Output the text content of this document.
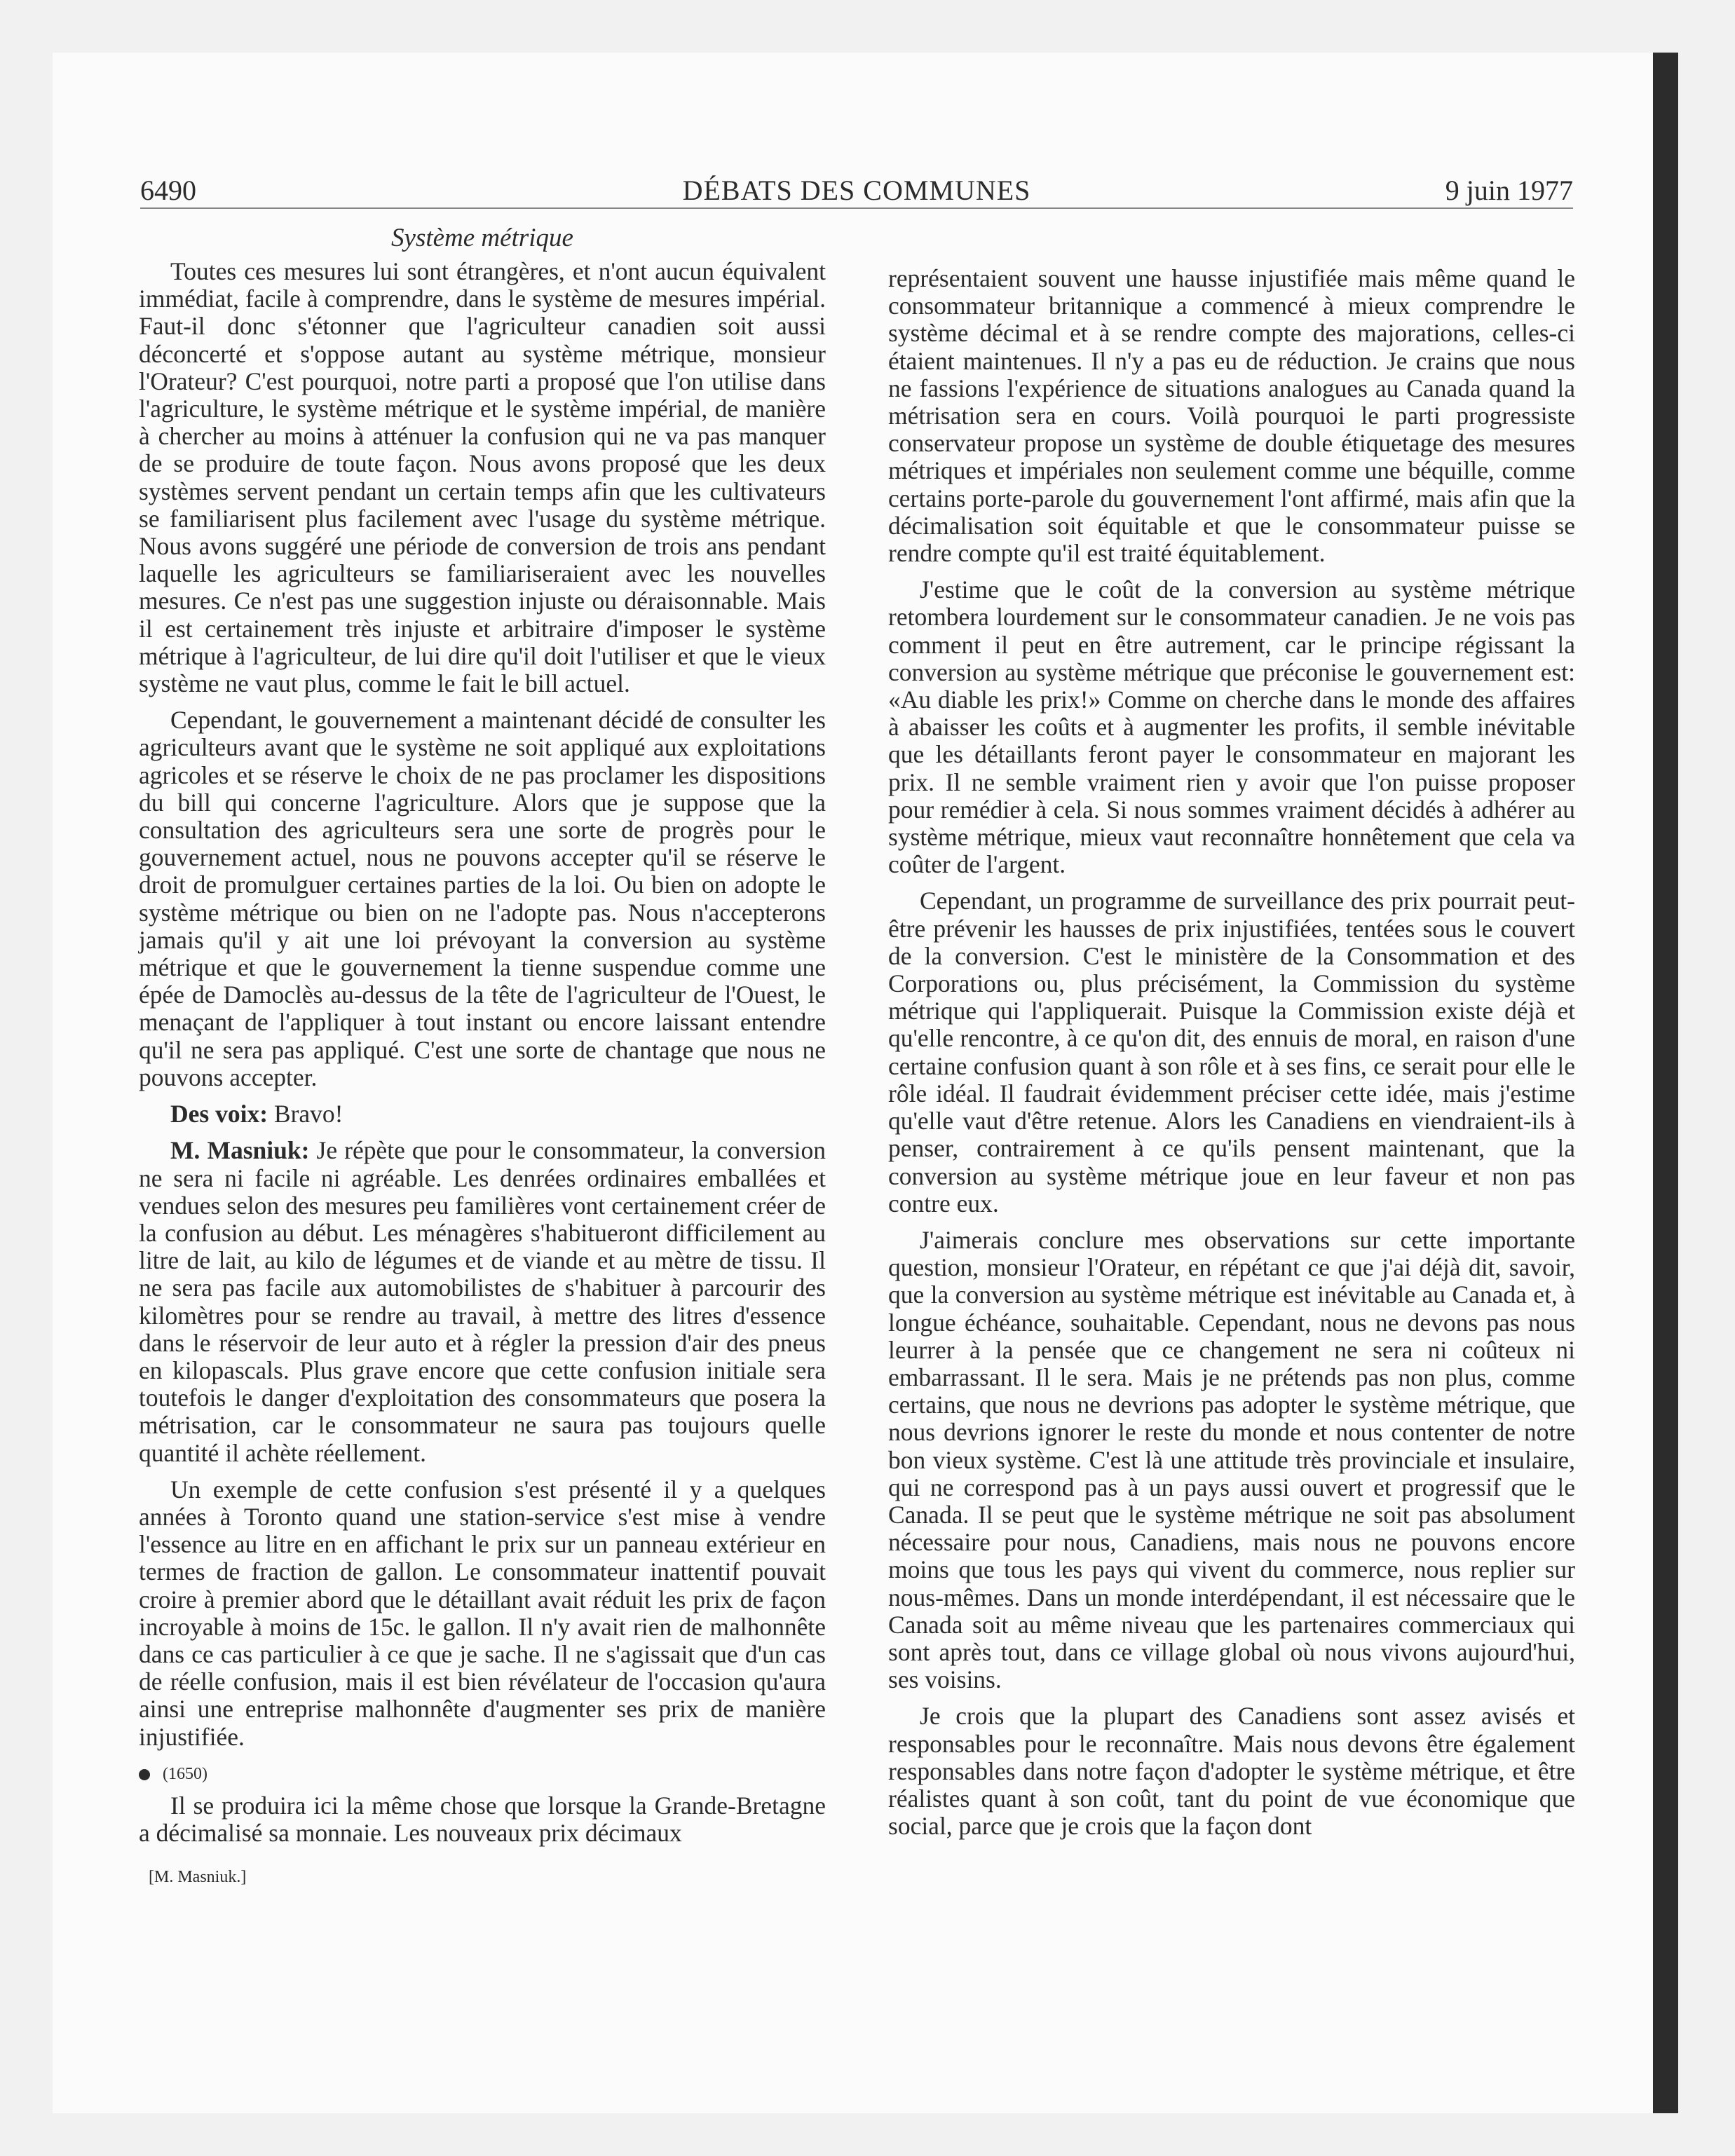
6490	DÉBATS DES COMMUNES	9 juin 1977
Système métrique

Toutes ces mesures lui sont étrangères, et n'ont aucun équivalent immédiat, facile à comprendre, dans le système de mesures impérial. Faut-il donc s'étonner que l'agriculteur canadien soit aussi déconcerté et s'oppose autant au système métrique, monsieur l'Orateur? C'est pourquoi, notre parti a proposé que l'on utilise dans l'agriculture, le système métrique et le système impérial, de manière à chercher au moins à atténuer la confusion qui ne va pas manquer de se produire de toute façon. Nous avons proposé que les deux systèmes servent pendant un certain temps afin que les cultivateurs se familiarisent plus facilement avec l'usage du système métrique. Nous avons suggéré une période de conversion de trois ans pendant laquelle les agriculteurs se familiariseraient avec les nouvelles mesures. Ce n'est pas une suggestion injuste ou déraisonnable. Mais il est certainement très injuste et arbitraire d'imposer le système métrique à l'agriculteur, de lui dire qu'il doit l'utiliser et que le vieux système ne vaut plus, comme le fait le bill actuel.

Cependant, le gouvernement a maintenant décidé de consulter les agriculteurs avant que le système ne soit appliqué aux exploitations agricoles et se réserve le choix de ne pas proclamer les dispositions du bill qui concerne l'agriculture. Alors que je suppose que la consultation des agriculteurs sera une sorte de progrès pour le gouvernement actuel, nous ne pouvons accepter qu'il se réserve le droit de promulguer certaines parties de la loi. Ou bien on adopte le système métrique ou bien on ne l'adopte pas. Nous n'accepterons jamais qu'il y ait une loi prévoyant la conversion au système métrique et que le gouvernement la tienne suspendue comme une épée de Damoclès au-dessus de la tête de l'agriculteur de l'Ouest, le menaçant de l'appliquer à tout instant ou encore laissant entendre qu'il ne sera pas appliqué. C'est une sorte de chantage que nous ne pouvons accepter.

Des voix: Bravo!

M. Masniuk: Je répète que pour le consommateur, la conversion ne sera ni facile ni agréable. Les denrées ordinaires emballées et vendues selon des mesures peu familières vont certainement créer de la confusion au début. Les ménagères s'habitueront difficilement au litre de lait, au kilo de légumes et de viande et au mètre de tissu. Il ne sera pas facile aux automobilistes de s'habituer à parcourir des kilomètres pour se rendre au travail, à mettre des litres d'essence dans le réservoir de leur auto et à régler la pression d'air des pneus en kilopascals. Plus grave encore que cette confusion initiale sera toutefois le danger d'exploitation des consommateurs que posera la métrisation, car le consommateur ne saura pas toujours quelle quantité il achète réellement.

Un exemple de cette confusion s'est présenté il y a quelques années à Toronto quand une station-service s'est mise à vendre l'essence au litre en en affichant le prix sur un panneau extérieur en termes de fraction de gallon. Le consommateur inattentif pouvait croire à premier abord que le détaillant avait réduit les prix de façon incroyable à moins de 15c. le gallon. Il n'y avait rien de malhonnête dans ce cas particulier à ce que je sache. Il ne s'agissait que d'un cas de réelle confusion, mais il est bien révélateur de l'occasion qu'aura ainsi une entreprise malhonnête d'augmenter ses prix de manière injustifiée.

(1650)

Il se produira ici la même chose que lorsque la Grande-Bretagne a décimalisé sa monnaie. Les nouveaux prix décimaux

[M. Masniuk.]

représentaient souvent une hausse injustifiée mais même quand le consommateur britannique a commencé à mieux comprendre le système décimal et à se rendre compte des majorations, celles-ci étaient maintenues. Il n'y a pas eu de réduction. Je crains que nous ne fassions l'expérience de situations analogues au Canada quand la métrisation sera en cours. Voilà pourquoi le parti progressiste conservateur propose un système de double étiquetage des mesures métriques et impériales non seulement comme une béquille, comme certains porte-parole du gouvernement l'ont affirmé, mais afin que la décimalisation soit équitable et que le consommateur puisse se rendre compte qu'il est traité équitablement.

J'estime que le coût de la conversion au système métrique retombera lourdement sur le consommateur canadien. Je ne vois pas comment il peut en être autrement, car le principe régissant la conversion au système métrique que préconise le gouvernement est: «Au diable les prix!» Comme on cherche dans le monde des affaires à abaisser les coûts et à augmenter les profits, il semble inévitable que les détaillants feront payer le consommateur en majorant les prix. Il ne semble vraiment rien y avoir que l'on puisse proposer pour remédier à cela. Si nous sommes vraiment décidés à adhérer au système métrique, mieux vaut reconnaître honnêtement que cela va coûter de l'argent.

Cependant, un programme de surveillance des prix pourrait peut-être prévenir les hausses de prix injustifiées, tentées sous le couvert de la conversion. C'est le ministère de la Consommation et des Corporations ou, plus précisément, la Commission du système métrique qui l'appliquerait. Puisque la Commission existe déjà et qu'elle rencontre, à ce qu'on dit, des ennuis de moral, en raison d'une certaine confusion quant à son rôle et à ses fins, ce serait pour elle le rôle idéal. Il faudrait évidemment préciser cette idée, mais j'estime qu'elle vaut d'être retenue. Alors les Canadiens en viendraient-ils à penser, contrairement à ce qu'ils pensent maintenant, que la conversion au système métrique joue en leur faveur et non pas contre eux.

J'aimerais conclure mes observations sur cette importante question, monsieur l'Orateur, en répétant ce que j'ai déjà dit, savoir, que la conversion au système métrique est inévitable au Canada et, à longue échéance, souhaitable. Cependant, nous ne devons pas nous leurrer à la pensée que ce changement ne sera ni coûteux ni embarrassant. Il le sera. Mais je ne prétends pas non plus, comme certains, que nous ne devrions pas adopter le système métrique, que nous devrions ignorer le reste du monde et nous contenter de notre bon vieux système. C'est là une attitude très provinciale et insulaire, qui ne correspond pas à un pays aussi ouvert et progressif que le Canada. Il se peut que le système métrique ne soit pas absolument nécessaire pour nous, Canadiens, mais nous ne pouvons encore moins que tous les pays qui vivent du commerce, nous replier sur nous-mêmes. Dans un monde interdépendant, il est nécessaire que le Canada soit au même niveau que les partenaires commerciaux qui sont après tout, dans ce village global où nous vivons aujourd'hui, ses voisins.

Je crois que la plupart des Canadiens sont assez avisés et responsables pour le reconnaître. Mais nous devons être également responsables dans notre façon d'adopter le système métrique, et être réalistes quant à son coût, tant du point de vue économique que social, parce que je crois que la façon dont
